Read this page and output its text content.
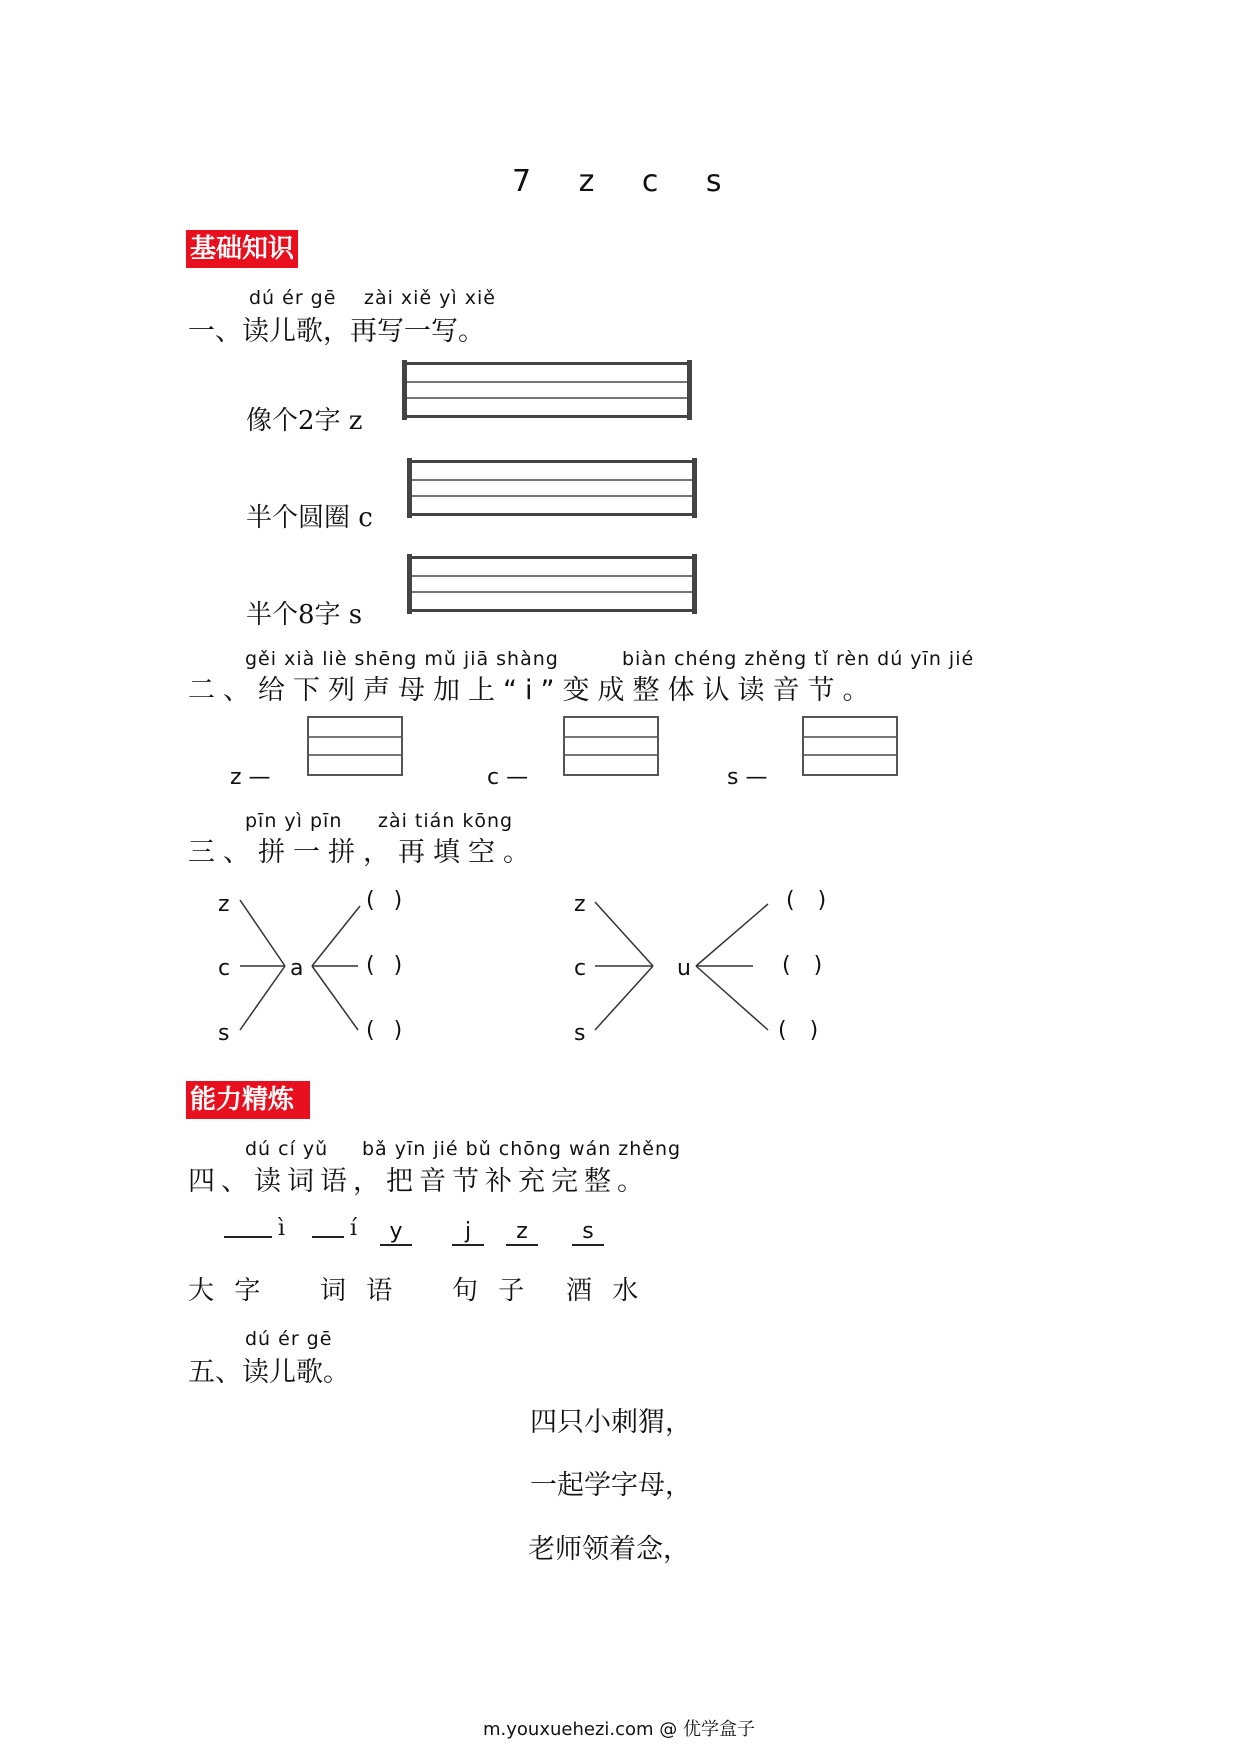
7 z c s
基础知识
dú ér gē zài xiě yì xiě
一、读儿歌，再写一写。
像个2字 z
半个圆圈 c
半个8字 s
gěi xià liè shēng mǔ jiā shàng	biàn chéng zhěng tǐ rèn dú yīn jié
二、给下列声母加上“i”变成整体认读音节。
z —	c —	s —
pīn yì pīn zài tián kōng
三、拼一拼，再填空。
z
c
s
a
( )
( )
( )
z
c
s
u
( )
( )
( )
能力精炼
dú cí yǔ bǎ yīn jié bǔ chōng wán zhěng
四、读词语，把音节补充完整。
ì	í	y	j	z	s
大 字 词 语 句 子 酒 水
dú ér gē
五、读儿歌。
四只小刺猬，
一起学字母，
老师领着念，
m.youxuehezi.com @ 优学盒子
